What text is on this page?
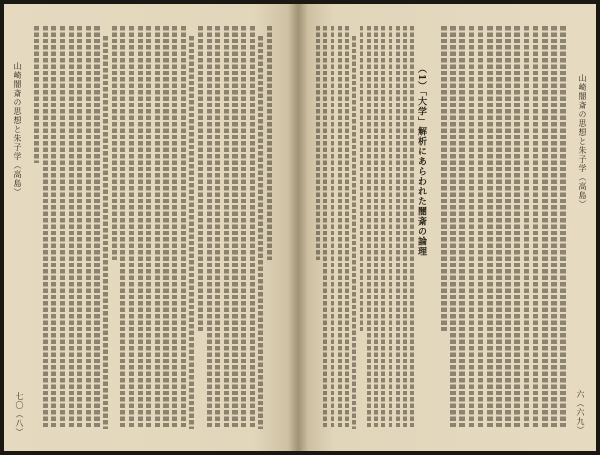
山崎闇斎の思想と朱子学（高島）
七〇（八）
山崎闇斎の思想と朱子学（高島）
六（六九）
（1）「大学」解析にあらわれた闇斎の論理
